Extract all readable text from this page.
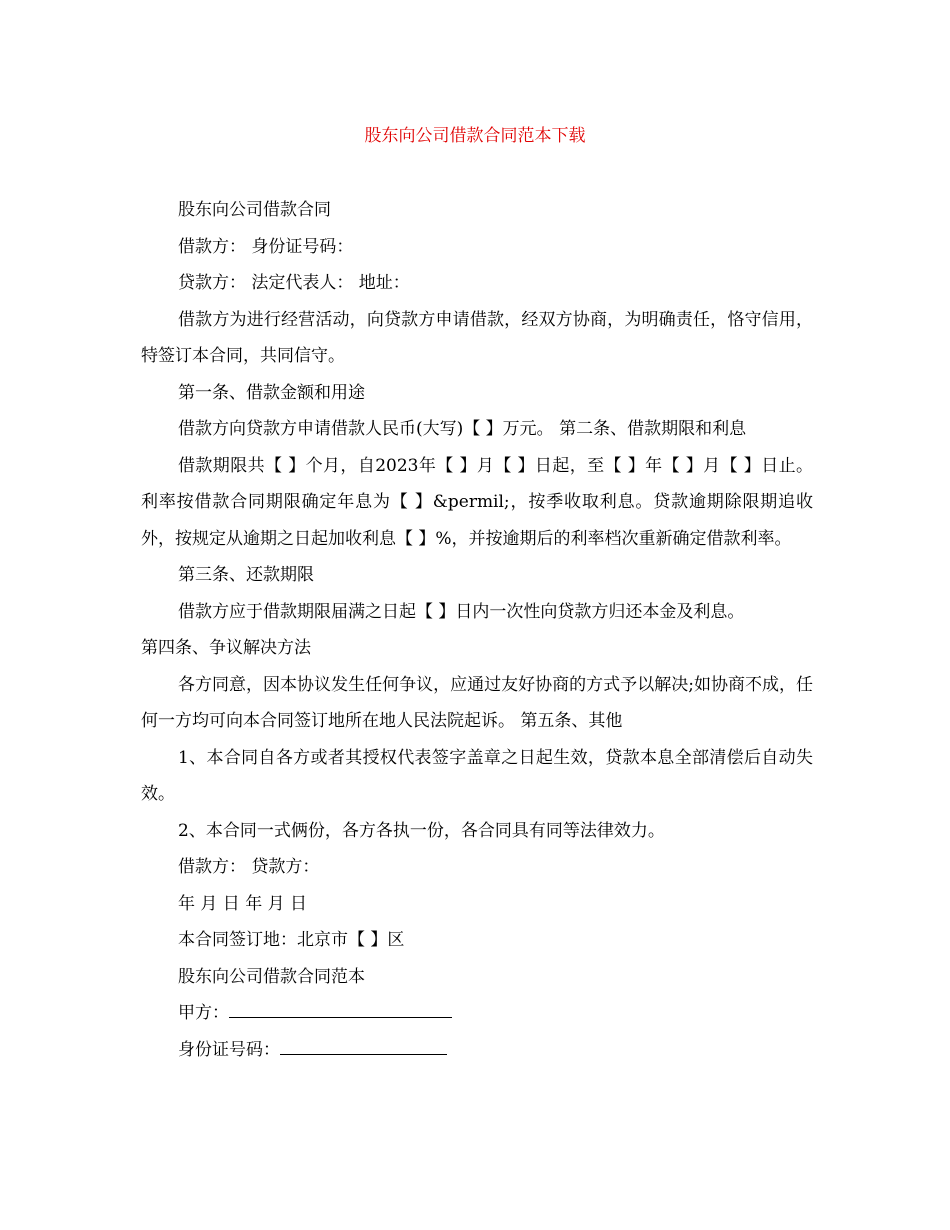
股东向公司借款合同范本下载

股东向公司借款合同

借款方： 身份证号码：

贷款方： 法定代表人： 地址：

借款方为进行经营活动，向贷款方申请借款，经双方协商，为明确责任，恪守信用，特签订本合同，共同信守。

第一条、借款金额和用途

借款方向贷款方申请借款人民币(大写)【 】万元。 第二条、借款期限和利息

借款期限共【 】个月，自2023年【 】月【 】日起，至【 】年【 】月【 】日止。利率按借款合同期限确定年息为【 】&permil;，按季收取利息。贷款逾期除限期追收外，按规定从逾期之日起加收利息【 】%，并按逾期后的利率档次重新确定借款利率。

第三条、还款期限

借款方应于借款期限届满之日起【 】日内一次性向贷款方归还本金及利息。

第四条、争议解决方法

各方同意，因本协议发生任何争议，应通过友好协商的方式予以解决;如协商不成，任何一方均可向本合同签订地所在地人民法院起诉。 第五条、其他

1、本合同自各方或者其授权代表签字盖章之日起生效，贷款本息全部清偿后自动失效。

2、本合同一式俩份，各方各执一份，各合同具有同等法律效力。

借款方： 贷款方：

年 月 日 年 月 日

本合同签订地：北京市【 】区

股东向公司借款合同范本

甲方：

身份证号码：
